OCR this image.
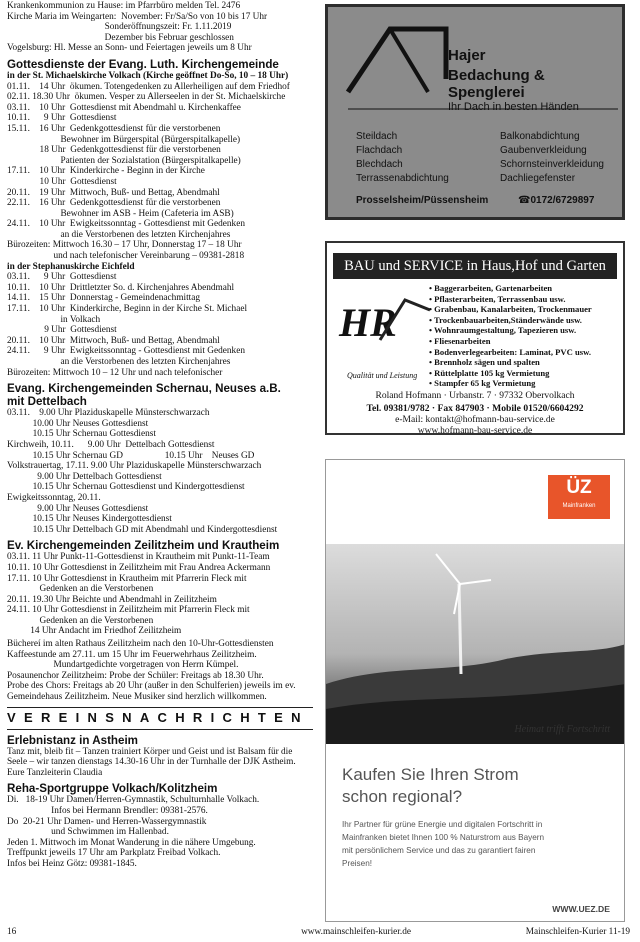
Krankenkommunion zu Hause: im Pfarrbüro melden Tel. 2476
Kirche Maria im Weingarten:  November: Fr/Sa/So von 10 bis 17 Uhr
Sonderöffnungszeit: Fr. 1.11.2019
Dezember bis Februar geschlossen
Vogelsburg: Hl. Messe an Sonn- und Feiertagen jeweils um 8 Uhr
Gottesdienste der Evang. Luth. Kirchengemeinde
in der St. Michaelskirche Volkach (Kirche geöffnet Do-So, 10 – 18 Uhr)
01.11.    14 Uhr  ökumen. Totengedenken zu Allerheiligen auf dem Friedhof
02.11. 18.30 Uhr  ökumen. Vesper zu Allerseelen in der St. Michaelskirche
03.11.    10 Uhr  Gottesdienst mit Abendmahl u. Kirchenkaffee
10.11.      9 Uhr  Gottesdienst
15.11.    16 Uhr  Gedenkgottesdienst für die verstorbenen
Bewohner im Bürgerspital (Bürgerspitalkapelle)
18 Uhr  Gedenkgottesdienst für die verstorbenen
Patienten der Sozialstation (Bürgerspitalkapelle)
17.11.    10 Uhr  Kinderkirche - Beginn in der Kirche
10 Uhr  Gottesdienst
20.11.    19 Uhr  Mittwoch, Buß- und Bettag, Abendmahl
22.11.    16 Uhr  Gedenkgottesdienst für die verstorbenen
Bewohner im ASB - Heim (Cafeteria im ASB)
24.11.    10 Uhr  Ewigkeitssonntag - Gottesdienst mit Gedenken
an die Verstorbenen des letzten Kirchenjahres
Bürozeiten: Mittwoch 16.30 – 17 Uhr, Donnerstag 17 – 18 Uhr
und nach telefonischer Vereinbarung – 09381-2818
in der Stephanuskirche Eichfeld
03.11.      9 Uhr  Gottesdienst
10.11.    10 Uhr  Drittletzter So. d. Kirchenjahres Abendmahl
14.11.    15 Uhr  Donnerstag - Gemeindenachmittag
17.11.    10 Uhr  Kinderkirche, Beginn in der Kirche St. Michael
in Volkach
9 Uhr  Gottesdienst
20.11.    10 Uhr  Mittwoch, Buß- und Bettag, Abendmahl
24.11.      9 Uhr  Ewigkeitssonntag - Gottesdienst mit Gedenken
an die Verstorbenen des letzten Kirchenjahres
Bürozeiten: Mittwoch 10 – 12 Uhr und nach telefonischer
Evang. Kirchengemeinden Schernau, Neuses a.B.
mit Dettelbach
03.11.    9.00 Uhr Plaziduskapelle Münsterschwarzach
10.00 Uhr Neuses Gottesdienst
10.15 Uhr Schernau Gottesdienst
Kirchweih, 10.11.      9.00 Uhr  Dettelbach Gottesdienst
10.15 Uhr Schernau GD                  10.15 Uhr    Neuses GD
Volkstrauertag, 17.11. 9.00 Uhr Plaziduskapelle Münsterschwarzach
9.00 Uhr Dettelbach Gottesdienst
10.15 Uhr Schernau Gottesdienst und Kindergottesdienst
Ewigkeitssonntag, 20.11.
9.00 Uhr Neuses Gottesdienst
10.15 Uhr Neuses Kindergottesdienst
10.15 Uhr Dettelbach GD mit Abendmahl und Kindergottesdienst
Ev. Kirchengemeinden Zeilitzheim und Krautheim
03.11. 11 Uhr Punkt-11-Gottesdienst in Krautheim mit Punkt-11-Team
10.11. 10 Uhr Gottesdienst in Zeilitzheim mit Frau Andrea Ackermann
17.11. 10 Uhr Gottesdienst in Krautheim mit Pfarrerin Fleck mit
Gedenken an die Verstorbenen
20.11. 19.30 Uhr Beichte und Abendmahl in Zeilitzheim
24.11. 10 Uhr Gottesdienst in Zeilitzheim mit Pfarrerin Fleck mit
Gedenken an die Verstorbenen
14 Uhr Andacht im Friedhof Zeilitzheim
Büchereí im alten Rathaus Zeilitzheim nach den 10-Uhr-Gottesdiensten
Kaffeestunde am 27.11. um 15 Uhr im Feuerwehrhaus Zeilitzheim.
Mundartgedichte vorgetragen von Herrn Kümpel.
Posaunenchor Zeilitzheim: Probe der Schüler: Freitags ab 18.30 Uhr.
Probe des Chors: Freitags ab 20 Uhr (außer in den Schulferien) jeweils im ev.
Gemeindehaus Zeilitzheim. Neue Musiker sind herzlich willkommen.
VEREINSNACHRICHTEN
Erlebnistanz in Astheim
Tanz mit, bleib fit – Tanzen trainiert Körper und Geist und ist Balsam für die
Seele – wir tanzen dienstags 14.30-16 Uhr in der Turnhalle der DJK Astheim.
Eure Tanzleiterin Claudia
Reha-Sportgruppe Volkach/Kolitzheim
Di.   18-19 Uhr Damen/Herren-Gymnastik, Schulturnhalle Volkach.
Infos bei Hermann Brendler: 09381-2576.
Do  20-21 Uhr Damen- und Herren-Wassergymnastik
und Schwimmen im Hallenbad.
Jeden 1. Mittwoch im Monat Wanderung in die nähere Umgebung.
Treffpunkt jeweils 17 Uhr am Parkplatz Freibad Volkach.
Infos bei Heinz Götz: 09381-1845.
16	www.mainschleifen-kurier.de	Mainschleifen-Kurier 11-19
Hajer
Bedachung & Spenglerei
Ihr Dach in besten Händen
Steildach
Flachdach
Blechdach
Terrassenabdichtung
Balkonabdichtung
Gaubenverkleidung
Schornsteinverkleidung
Dachliegefenster
Prosselsheim/Püssensheim	☎0172/6729897
BAU und SERVICE in Haus,Hof und Garten
HR
Qualität und Leistung
• Baggerarbeiten, Gartenarbeiten
• Pflasterarbeiten, Terrassenbau usw.
• Grabenbau, Kanalarbeiten, Trockenmauer
• Trockenbauarbeiten,Ständerwände usw.
• Wohnraumgestaltung, Tapezieren usw.
• Fliesenarbeiten
• Bodenverlegearbeiten: Laminat, PVC usw.
• Brennholz sägen und spalten
• Rüttelplatte 105 kg Vermietung
• Stampfer 65 kg Vermietung
Roland Hofmann · Urbanstr. 7 · 97332 Obervolkach
Tel. 09381/9782 · Fax 847903 · Mobile 01520/6604292
e-Mail: kontakt@hofmann-bau-service.de
www.hofmann-bau-service.de
ÜZ
Mainfranken
Heimat trifft Fortschritt
Kaufen Sie Ihren Strom
schon regional?
Ihr Partner für grüne Energie und digitalen Fortschritt in Mainfranken bietet Ihnen 100 % Naturstrom aus Bayern mit persönlichem Service und das zu garantiert fairen Preisen!
WWW.UEZ.DE
